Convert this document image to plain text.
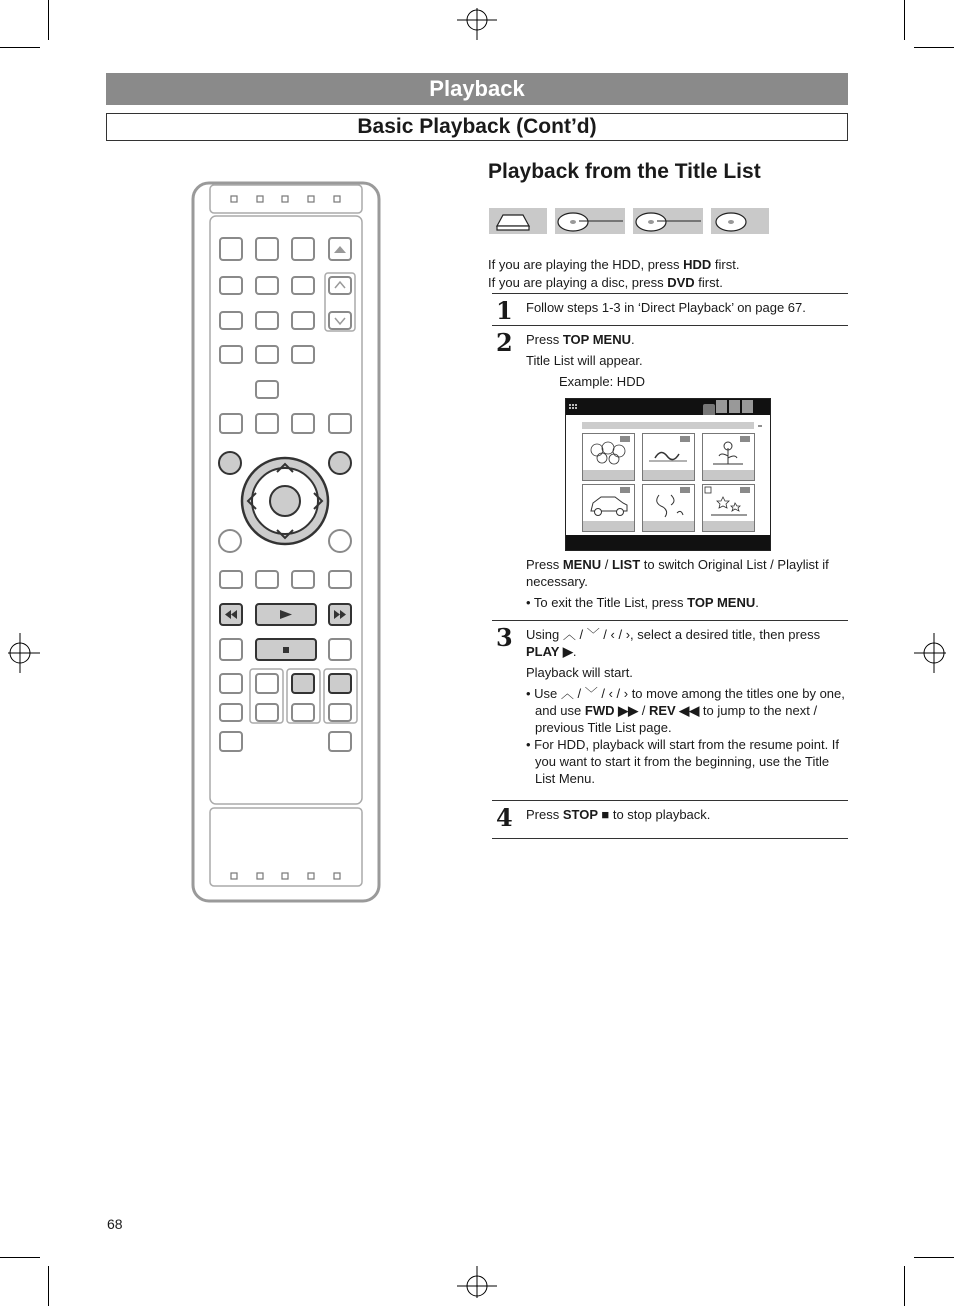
Playback
Basic Playback (Cont’d)
Playback from the Title List
If you are playing the HDD, press HDD first.
If you are playing a disc, press DVD first.
1 Follow steps 1-3 in ‘Direct Playback’ on page 67.

2 Press TOP MENU.

Title List will appear.

Example: HDD

Press MENU / LIST to switch Original List / Playlist if necessary.

• To exit the Title List, press TOP MENU.
3 Using ︿ / ﹀ / ‹ / ›, select a desired title, then press PLAY ▶.

Playback will start.

• Use ︿ / ﹀ / ‹ / › to move among the titles one by one, and use FWD ▶▶ / REV ◀◀ to jump to the next / previous Title List page.
• For HDD, playback will start from the resume point. If you want to start it from the beginning, use the Title List Menu.
4 Press STOP ■ to stop playback.

68
